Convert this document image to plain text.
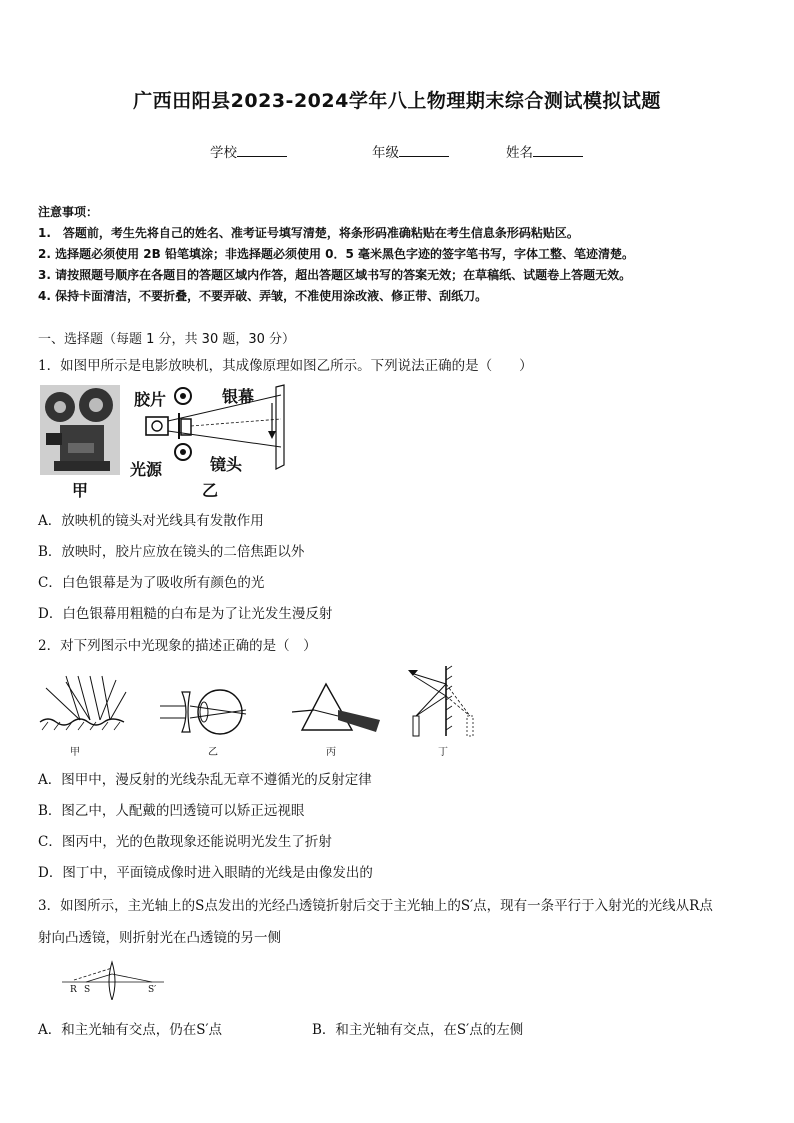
广西田阳县2023-2024学年八上物理期末综合测试模拟试题
学校	年级	姓名
注意事项：
1.　答题前，考生先将自己的姓名、准考证号填写清楚，将条形码准确粘贴在考生信息条形码粘贴区。
2. 选择题必须使用 2B 铅笔填涂；非选择题必须使用 0．5 毫米黑色字迹的签字笔书写，字体工整、笔迹清楚。
3. 请按照题号顺序在各题目的答题区域内作答，超出答题区域书写的答案无效；在草稿纸、试题卷上答题无效。
4. 保持卡面清洁，不要折叠，不要弄破、弄皱，不准使用涂改液、修正带、刮纸刀。
一、选择题（每题 1 分，共 30 题，30 分）
1．如图甲所示是电影放映机，其成像原理如图乙所示。下列说法正确的是（　　）
甲
胶片	银幕
光源	镜头
乙
A．放映机的镜头对光线具有发散作用
B．放映时，胶片应放在镜头的二倍焦距以外
C．白色银幕是为了吸收所有颜色的光
D．白色银幕用粗糙的白布是为了让光发生漫反射
2．对下列图示中光现象的描述正确的是（　）
甲	乙	丙	丁
A．图甲中，漫反射的光线杂乱无章不遵循光的反射定律
B．图乙中，人配戴的凹透镜可以矫正远视眼
C．图丙中，光的色散现象还能说明光发生了折射
D．图丁中，平面镜成像时进入眼睛的光线是由像发出的
3．如图所示，主光轴上的S点发出的光经凸透镜折射后交于主光轴上的S′点，现有一条平行于入射光的光线从R点
射向凸透镜，则折射光在凸透镜的另一侧
R S	S′
A．和主光轴有交点，仍在S′点	B．和主光轴有交点，在S′点的左侧
